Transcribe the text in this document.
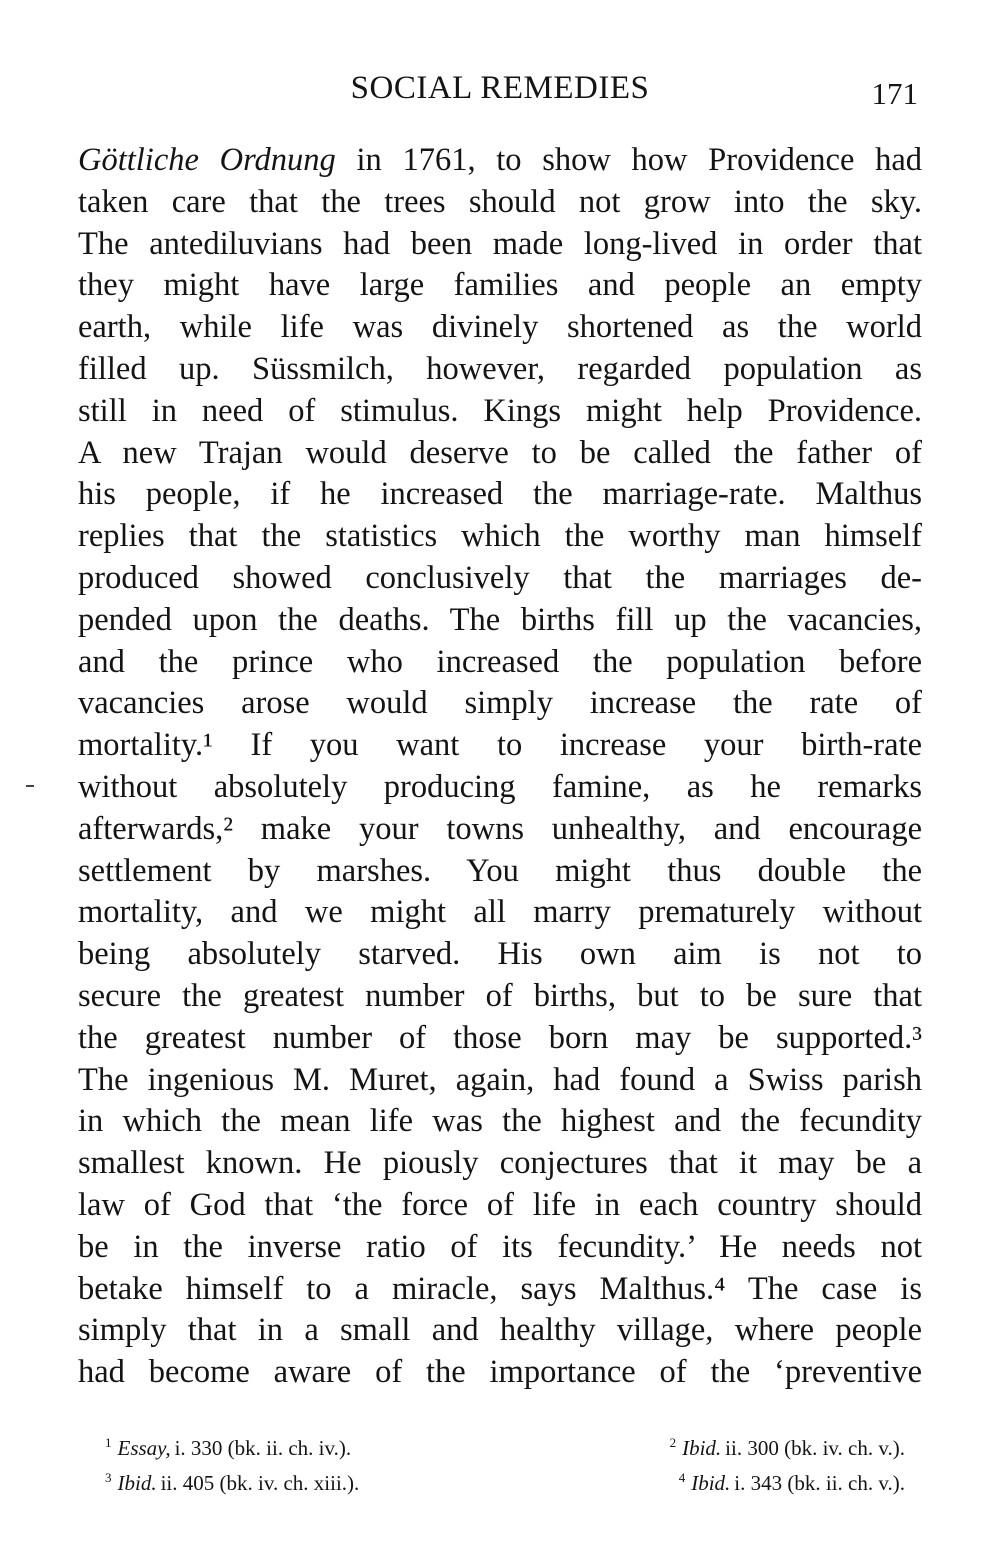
SOCIAL REMEDIES	171
Göttliche Ordnung in 1761, to show how Providence had
taken care that the trees should not grow into the sky.
The antediluvians had been made long-lived in order that
they might have large families and people an empty
earth, while life was divinely shortened as the world
filled up. Süssmilch, however, regarded population as
still in need of stimulus. Kings might help Providence.
A new Trajan would deserve to be called the father of
his people, if he increased the marriage-rate. Malthus
replies that the statistics which the worthy man himself
produced showed conclusively that the marriages de-
pended upon the deaths. The births fill up the vacancies,
and the prince who increased the population before
vacancies arose would simply increase the rate of
mortality.¹ If you want to increase your birth-rate
without absolutely producing famine, as he remarks
afterwards,² make your towns unhealthy, and encourage
settlement by marshes. You might thus double the
mortality, and we might all marry prematurely without
being absolutely starved. His own aim is not to
secure the greatest number of births, but to be sure that
the greatest number of those born may be supported.³
The ingenious M. Muret, again, had found a Swiss parish
in which the mean life was the highest and the fecundity
smallest known. He piously conjectures that it may be a
law of God that ‘the force of life in each country should
be in the inverse ratio of its fecundity.’ He needs not
betake himself to a miracle, says Malthus.⁴ The case is
simply that in a small and healthy village, where people
had become aware of the importance of the ‘preventive
$^1$ Essay, i. 330 (bk. ii. ch. iv.).	$^2$ Ibid. ii. 300 (bk. iv. ch. v.).
$^3$ Ibid. ii. 405 (bk. iv. ch. xiii.).	$^4$ Ibid. i. 343 (bk. ii. ch. v.).
